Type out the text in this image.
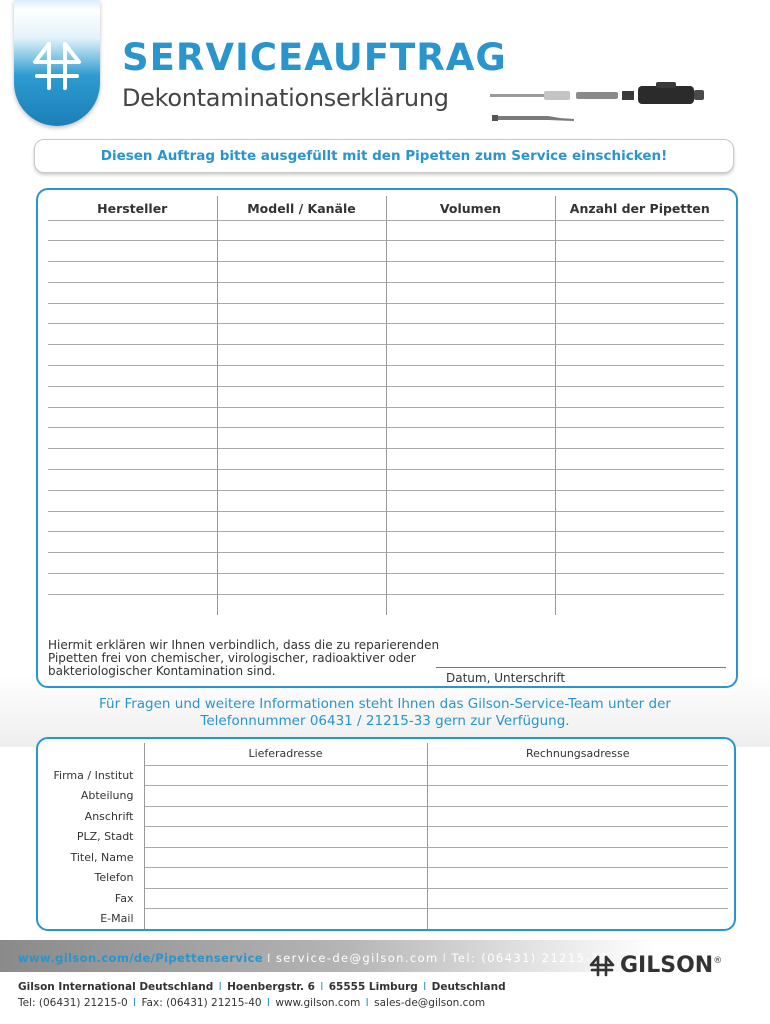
SERVICEAUFTRAG
Dekontaminationserklärung
Diesen Auftrag bitte ausgefüllt mit den Pipetten zum Service einschicken!
Hersteller	Modell / Kanäle	Volumen	Anzahl der Pipetten

Hiermit erklären wir Ihnen verbindlich, dass die zu reparierenden
Pipetten frei von chemischer, virologischer, radioaktiver oder
bakteriologischer Kontamination sind.	Datum, Unterschrift
Für Fragen und weitere Informationen steht Ihnen das Gilson-Service-Team unter der
Telefonnummer 06431 / 21215-33 gern zur Verfügung.
	Lieferadresse	Rechnungsadresse
Firma / Institut		
Abteilung		
Anschrift		
PLZ, Stadt		
Titel, Name		
Telefon		
Fax		
E-Mail		
www.gilson.com/de/Pipettenservice I service-de@gilson.com I Tel: (06431) 21215-33 GILSON ®
Gilson International Deutschland I Hoenbergstr. 6 I 65555 Limburg I Deutschland
Tel: (06431) 21215-0 I Fax: (06431) 21215-40 I www.gilson.com I sales-de@gilson.com
